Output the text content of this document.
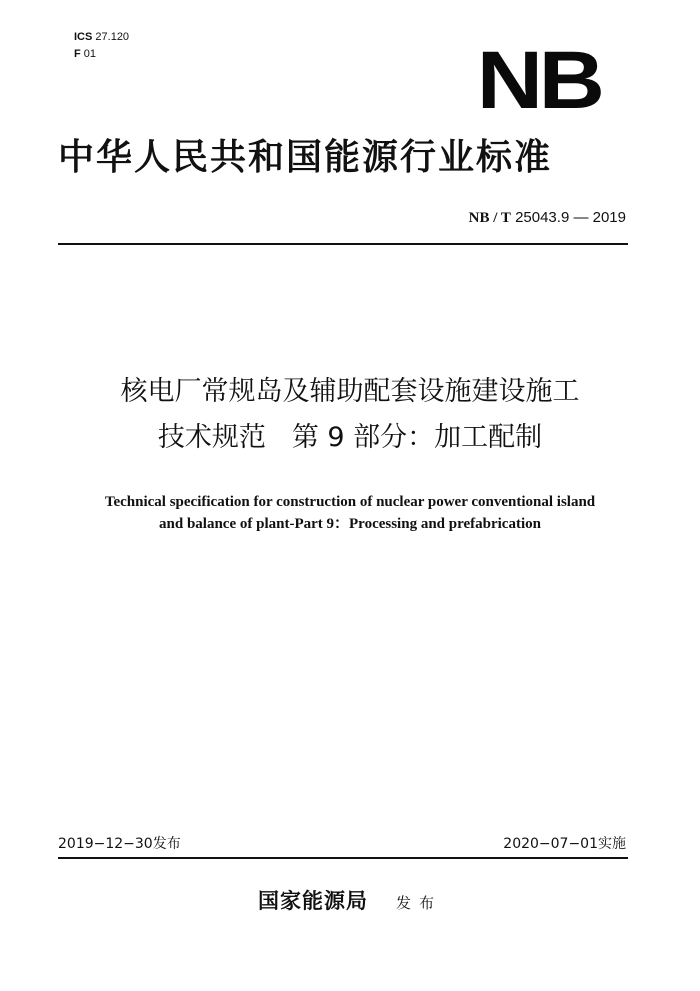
ICS 27.120
F 01	NB
中华人民共和国能源行业标准
NB / T 25043.9 — 2019
核电厂常规岛及辅助配套设施建设施工
技术规范 第 9 部分：加工配制
Technical specification for construction of nuclear power conventional island
and balance of plant-Part 9：Processing and prefabrication
2019−12−30发布	2020−07−01实施
国家能源局 发布
